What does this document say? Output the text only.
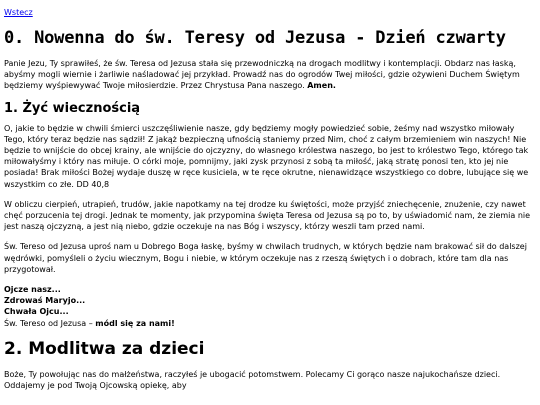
Wstecz
0. Nowenna do św. Teresy od Jezusa - Dzień czwarty

Panie Jezu, Ty sprawiłeś, że św. Teresa od Jezusa stała się przewodniczką na drogach modlitwy i kontemplacji. Obdarz nas łaską, abyśmy mogli wiernie i żarliwie naśladować jej przykład. Prowadź nas do ogrodów Twej miłości, gdzie ożywieni Duchem Świętym będziemy wyśpiewywać Twoje miłosierdzie. Przez Chrystusa Pana naszego. Amen.

1. Żyć wiecznością

O, jakie to będzie w chwili śmierci uszczęśliwienie nasze, gdy będziemy mogły powiedzieć sobie, żeśmy nad wszystko miłowały Tego, który teraz będzie nas sądził! Z jakąż bezpieczną ufnością staniemy przed Nim, choć z całym brzemieniem win naszych! Nie będzie to wnijście do obcej krainy, ale wnijście do ojczyzny, do własnego królestwa naszego, bo jest to królestwo Tego, którego tak miłowałyśmy i który nas miłuje. O córki moje, pomnijmy, jaki zysk przynosi z sobą ta miłość, jaką stratę ponosi ten, kto jej nie posiada! Brak miłości Bożej wydaje duszę w ręce kusiciela, w te ręce okrutne, nienawidzące wszystkiego co dobre, lubujące się we wszystkim co złe. DD 40,8

W obliczu cierpień, utrapień, trudów, jakie napotkamy na tej drodze ku świętości, może przyjść zniechęcenie, znużenie, czy nawet chęć porzucenia tej drogi. Jednak te momenty, jak przypomina święta Teresa od Jezusa są po to, by uświadomić nam, że ziemia nie jest naszą ojczyzną, a jest nią niebo, gdzie oczekuje na nas Bóg i wszyscy, którzy weszli tam przed nami.

Św. Tereso od Jezusa uproś nam u Dobrego Boga łaskę, byśmy w chwilach trudnych, w których będzie nam brakować sił do dalszej wędrówki, pomyśleli o życiu wiecznym, Bogu i niebie, w którym oczekuje nas z rzeszą świętych i o dobrach, które tam dla nas przygotował.

Ojcze nasz...
Zdrowaś Maryjo...
Chwała Ojcu...
Św. Tereso od Jezusa – módl się za nami!

2. Modlitwa za dzieci

Boże, Ty powołując nas do małżeństwa, raczyłeś je ubogacić potomstwem. Polecamy Ci gorąco nasze najukochańsze dzieci. Oddajemy je pod Twoją Ojcowską opiekę, aby
